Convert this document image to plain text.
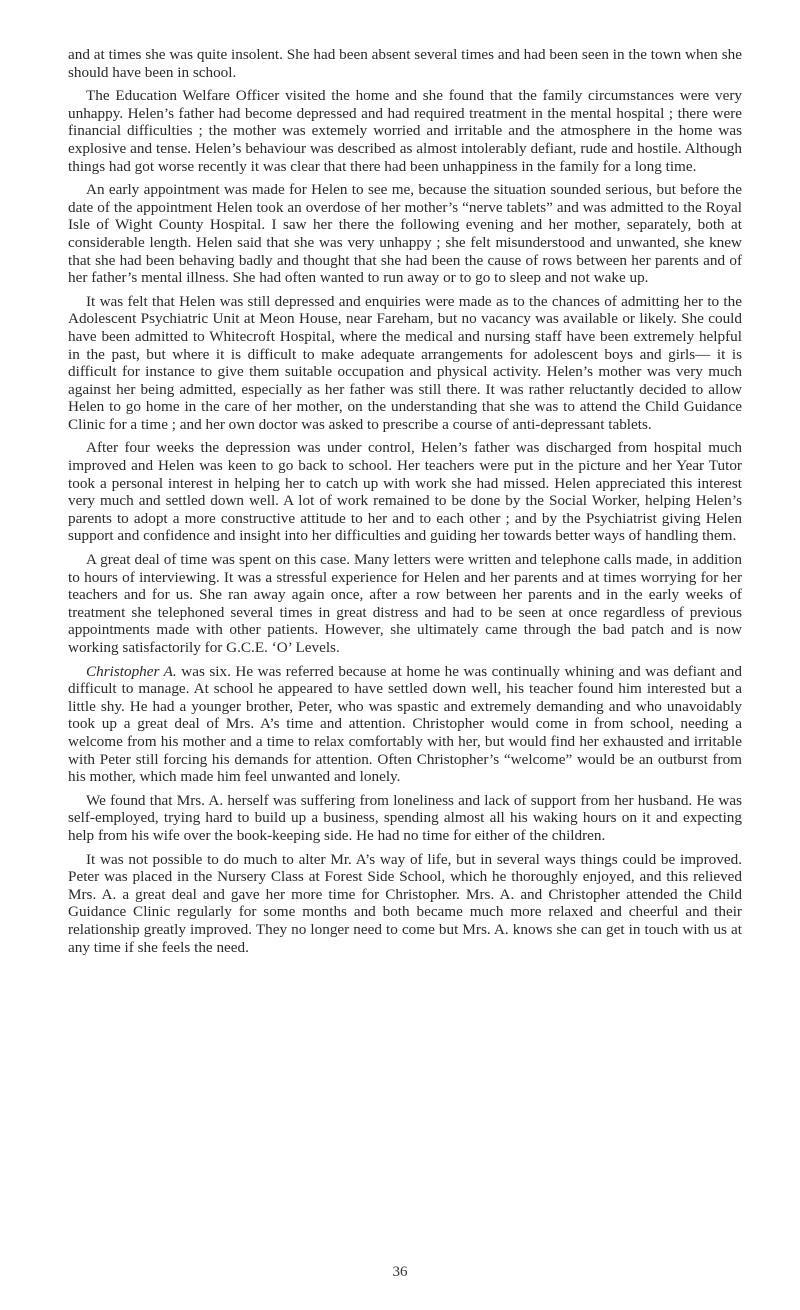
and at times she was quite insolent. She had been absent several times and had been seen in the town when she should have been in school.

The Education Welfare Officer visited the home and she found that the family circumstances were very unhappy. Helen’s father had become depressed and had required treatment in the mental hospital ; there were financial difficulties ; the mother was extemely worried and irritable and the atmosphere in the home was explosive and tense. Helen’s behaviour was described as almost intolerably defiant, rude and hostile. Although things had got worse recently it was clear that there had been unhappiness in the family for a long time.

An early appointment was made for Helen to see me, because the situation sounded serious, but before the date of the appointment Helen took an overdose of her mother’s “nerve tablets” and was admitted to the Royal Isle of Wight County Hospital. I saw her there the following evening and her mother, separately, both at considerable length. Helen said that she was very unhappy ; she felt misunderstood and unwanted, she knew that she had been behaving badly and thought that she had been the cause of rows between her parents and of her father’s mental illness. She had often wanted to run away or to go to sleep and not wake up.

It was felt that Helen was still depressed and enquiries were made as to the chances of admitting her to the Adolescent Psychiatric Unit at Meon House, near Fareham, but no vacancy was available or likely. She could have been admitted to Whitecroft Hospital, where the medical and nursing staff have been extremely helpful in the past, but where it is difficult to make adequate arrangements for adolescent boys and girls— it is difficult for instance to give them suitable occupation and physical activity. Helen’s mother was very much against her being admitted, especially as her father was still there. It was rather reluctantly decided to allow Helen to go home in the care of her mother, on the understanding that she was to attend the Child Guidance Clinic for a time ; and her own doctor was asked to prescribe a course of anti-depressant tablets.

After four weeks the depression was under control, Helen’s father was discharged from hospital much improved and Helen was keen to go back to school. Her teachers were put in the picture and her Year Tutor took a personal interest in helping her to catch up with work she had missed. Helen appreciated this interest very much and settled down well. A lot of work remained to be done by the Social Worker, helping Helen’s parents to adopt a more constructive attitude to her and to each other ; and by the Psychiatrist giving Helen support and confidence and insight into her difficulties and guiding her towards better ways of handling them.

A great deal of time was spent on this case. Many letters were written and telephone calls made, in addition to hours of interviewing. It was a stressful experience for Helen and her parents and at times worrying for her teachers and for us. She ran away again once, after a row between her parents and in the early weeks of treatment she telephoned several times in great distress and had to be seen at once regardless of previous appointments made with other patients. However, she ultimately came through the bad patch and is now working satisfactorily for G.C.E. ‘O’ Levels.

Christopher A. was six. He was referred because at home he was continually whining and was defiant and difficult to manage. At school he appeared to have settled down well, his teacher found him interested but a little shy. He had a younger brother, Peter, who was spastic and extremely demanding and who unavoidably took up a great deal of Mrs. A’s time and attention. Christopher would come in from school, needing a welcome from his mother and a time to relax comfortably with her, but would find her exhausted and irritable with Peter still forcing his demands for attention. Often Christopher’s “welcome” would be an outburst from his mother, which made him feel unwanted and lonely.

We found that Mrs. A. herself was suffering from loneliness and lack of support from her husband. He was self-employed, trying hard to build up a business, spending almost all his waking hours on it and expecting help from his wife over the book-keeping side. He had no time for either of the children.

It was not possible to do much to alter Mr. A’s way of life, but in several ways things could be improved. Peter was placed in the Nursery Class at Forest Side School, which he thoroughly enjoyed, and this relieved Mrs. A. a great deal and gave her more time for Christopher. Mrs. A. and Christopher attended the Child Guidance Clinic regularly for some months and both became much more relaxed and cheerful and their relationship greatly improved. They no longer need to come but Mrs. A. knows she can get in touch with us at any time if she feels the need.

36
